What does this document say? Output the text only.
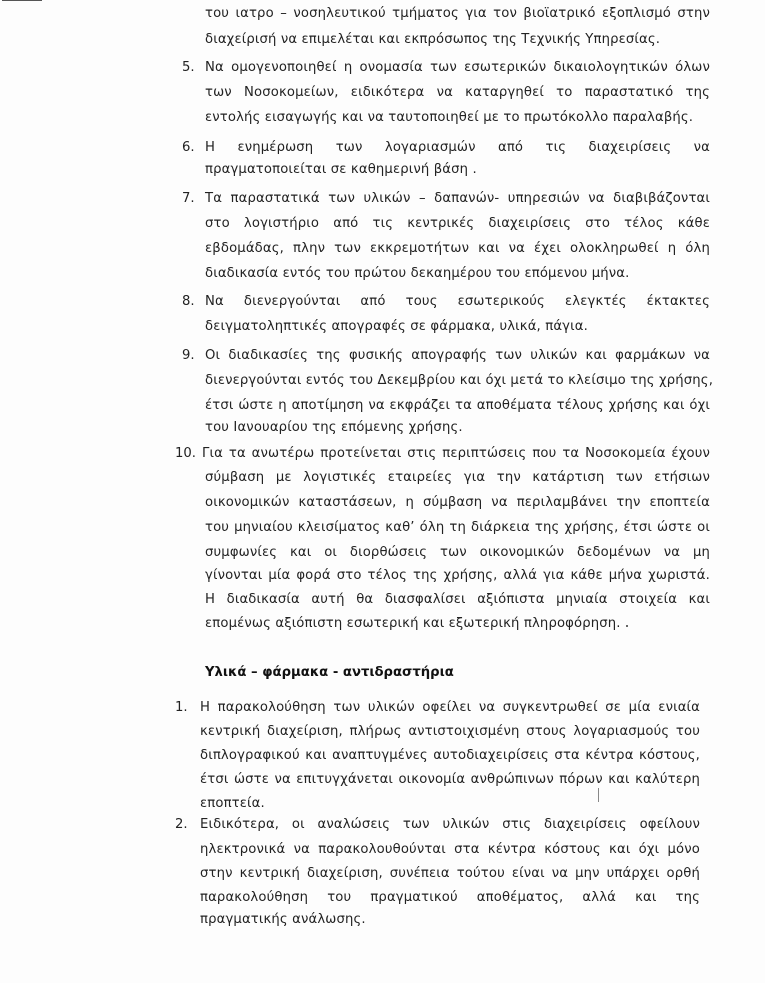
του ιατρο – νοσηλευτικού τμήματος για τον βιοϊατρικό εξοπλισμό στην
διαχείρισή να επιμελέται και εκπρόσωπος της Τεχνικής Υπηρεσίας.
5. Να ομογενοποιηθεί η ονομασία των εσωτερικών δικαιολογητικών όλων
των Νοσοκομείων, ειδικότερα να καταργηθεί το παραστατικό της
εντολής εισαγωγής και να ταυτοποιηθεί με το πρωτόκολλο παραλαβής.
6. Η ενημέρωση των λογαριασμών από τις διαχειρίσεις να
πραγματοποιείται σε καθημερινή βάση .
7. Τα παραστατικά των υλικών – δαπανών- υπηρεσιών να διαβιβάζονται
στο λογιστήριο από τις κεντρικές διαχειρίσεις στο τέλος κάθε
εβδομάδας, πλην των εκκρεμοτήτων και να έχει ολοκληρωθεί η όλη
διαδικασία εντός του πρώτου δεκαημέρου του επόμενου μήνα.
8. Να διενεργούνται από τους εσωτερικούς ελεγκτές έκτακτες
δειγματοληπτικές απογραφές σε φάρμακα, υλικά, πάγια.
9. Οι διαδικασίες της φυσικής απογραφής των υλικών και φαρμάκων να
διενεργούνται εντός του Δεκεμβρίου και όχι μετά το κλείσιμο της χρήσης,
έτσι ώστε η αποτίμηση να εκφράζει τα αποθέματα τέλους χρήσης και όχι
του Ιανουαρίου της επόμενης χρήσης.
10. Για τα ανωτέρω προτείνεται στις περιπτώσεις που τα Νοσοκομεία έχουν
σύμβαση με λογιστικές εταιρείες για την κατάρτιση των ετήσιων
οικονομικών καταστάσεων, η σύμβαση να περιλαμβάνει την εποπτεία
του μηνιαίου κλεισίματος καθ’ όλη τη διάρκεια της χρήσης, έτσι ώστε οι
συμφωνίες και οι διορθώσεις των οικονομικών δεδομένων να μη
γίνονται μία φορά στο τέλος της χρήσης, αλλά για κάθε μήνα χωριστά.
Η διαδικασία αυτή θα διασφαλίσει αξιόπιστα μηνιαία στοιχεία και
επομένως αξιόπιστη εσωτερική και εξωτερική πληροφόρηση.
Υλικά – φάρμακα - αντιδραστήρια
1. Η παρακολούθηση των υλικών οφείλει να συγκεντρωθεί σε μία ενιαία
κεντρική διαχείριση, πλήρως αντιστοιχισμένη στους λογαριασμούς του
διπλογραφικού και αναπτυγμένες αυτοδιαχειρίσεις στα κέντρα κόστους,
έτσι ώστε να επιτυγχάνεται οικονομία ανθρώπινων πόρων και καλύτερη
εποπτεία.
2. Ειδικότερα, οι αναλώσεις των υλικών στις διαχειρίσεις οφείλουν
ηλεκτρονικά να παρακολουθούνται στα κέντρα κόστους και όχι μόνο
στην κεντρική διαχείριση, συνέπεια τούτου είναι να μην υπάρχει ορθή
παρακολούθηση του πραγματικού αποθέματος, αλλά και της
πραγματικής ανάλωσης.
